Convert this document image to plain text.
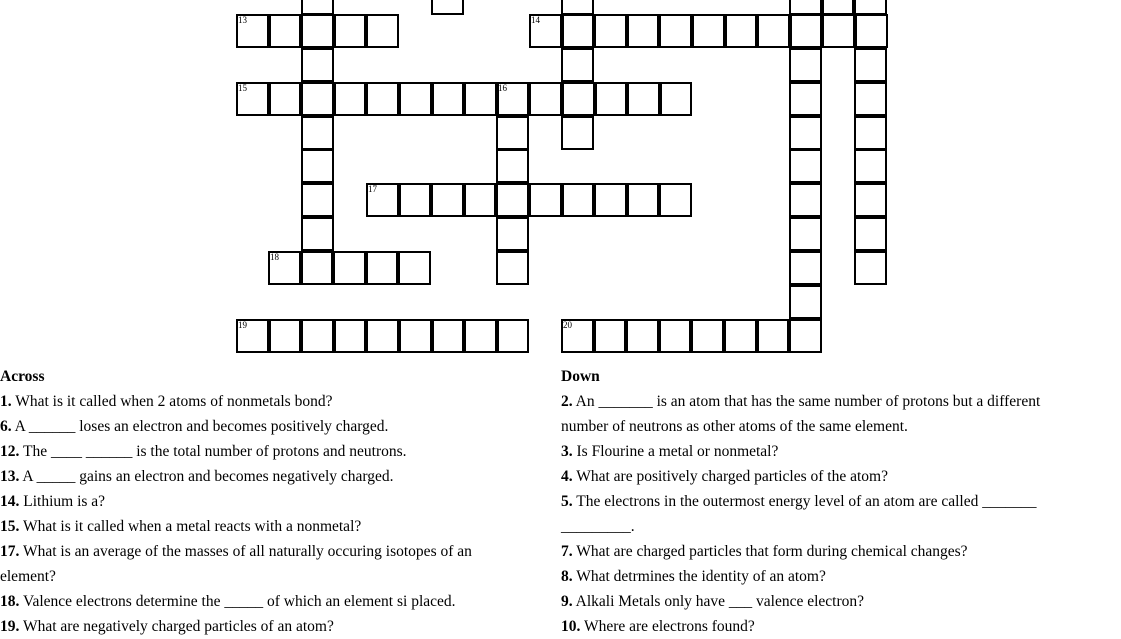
13	14
15	16
17
18
19	20
Across
1. What is it called when 2 atoms of nonmetals bond?
6. A ______ loses an electron and becomes positively charged.
12. The ____ ______ is the total number of protons and neutrons.
13. A _____ gains an electron and becomes negatively charged.
14. Lithium is a?
15. What is it called when a metal reacts with a nonmetal?
17. What is an average of the masses of all naturally occuring isotopes of an
element?
18. Valence electrons determine the _____ of which an element si placed.
19. What are negatively charged particles of an atom?
Down
2. An _______ is an atom that has the same number of protons but a different
number of neutrons as other atoms of the same element.
3. Is Flourine a metal or nonmetal?
4. What are positively charged particles of the atom?
5. The electrons in the outermost energy level of an atom are called _______
_________.
7. What are charged particles that form during chemical changes?
8. What detrmines the identity of an atom?
9. Alkali Metals only have ___ valence electron?
10. Where are electrons found?
